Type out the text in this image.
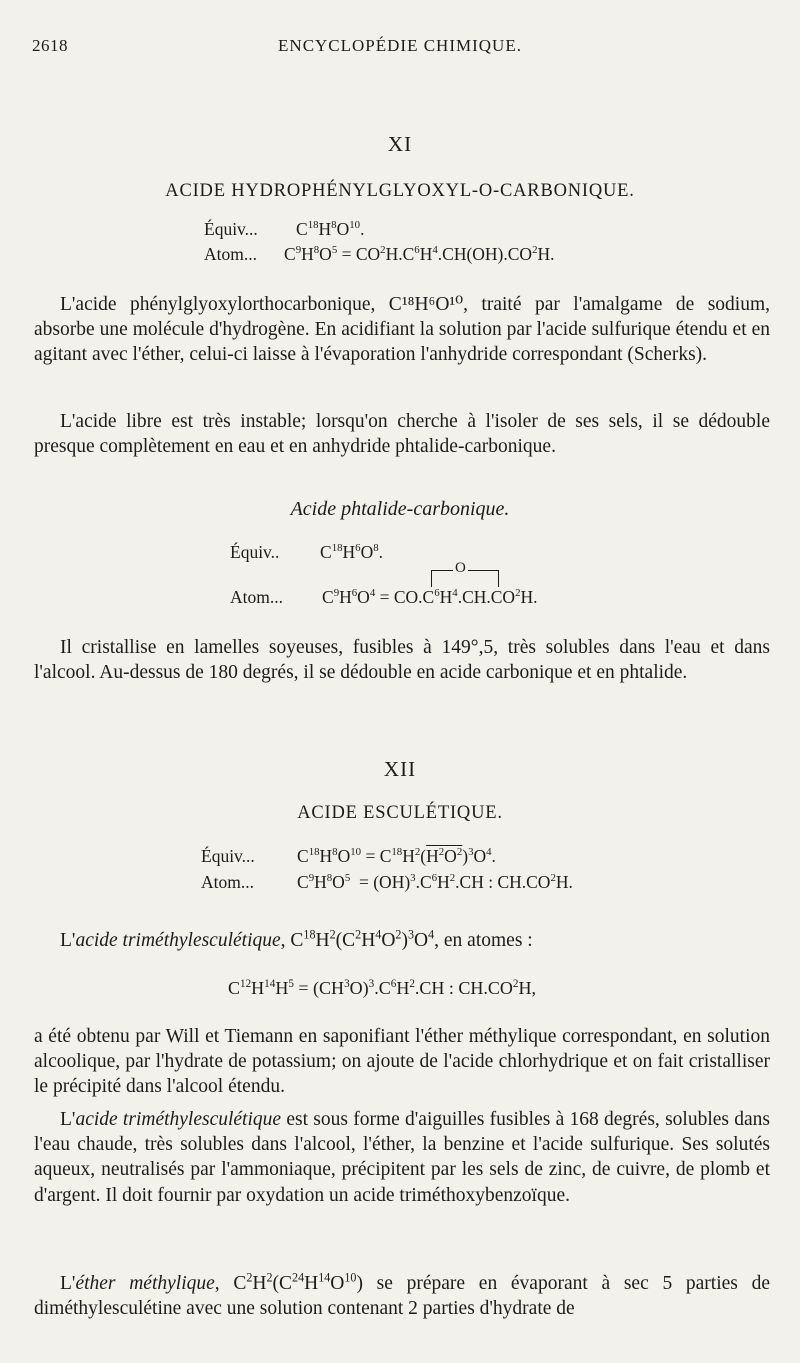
2618	ENCYCLOPÉDIE CHIMIQUE.
XI
ACIDE HYDROPHÉNYLGLYOXYL-O-CARBONIQUE.
Équiv... $C^{18}H^8O^{10}$.
Atom... $C^9H^8O^5 = CO^2H.C^6H^4.CH(OH).CO^2H$.
L'acide phénylglyoxylorthocarbonique, C¹⁸H⁶O¹⁰, traité par l'amalgame de sodium, absorbe une molécule d'hydrogène. En acidifiant la solution par l'acide sulfurique étendu et en agitant avec l'éther, celui-ci laisse à l'évaporation l'anhydride correspondant (Scherks).
L'acide libre est très instable; lorsqu'on cherche à l'isoler de ses sels, il se dédouble presque complètement en eau et en anhydride phtalide-carbonique.
Acide phtalide-carbonique.
Équiv.. $C^{18}H^6O^8$.
O
Atom... $C^9H^6O^4 = CO.C^6H^4.CH.CO^2H$.
Il cristallise en lamelles soyeuses, fusibles à 149°,5, très solubles dans l'eau et dans l'alcool. Au-dessus de 180 degrés, il se dédouble en acide carbonique et en phtalide.
XII
ACIDE ESCULÉTIQUE.
Équiv... $C^{18}H^8O^{10} = C^{18}H^2(H^2O^2)^3O^4$.
Atom... $C^9H^8O^5 = (OH)^3.C^6H^2.CH$ : $CH.CO^2H$.
L'acide triméthylesculétique, $C^{18}H^2(C^2H^4O^2)^3O^4$, en atomes :
$C^{12}H^{14}H^5 = (CH^3O)^3.C^6H^2.CH$ : $CH.CO^2H$,
a été obtenu par Will et Tiemann en saponifiant l'éther méthylique correspondant, en solution alcoolique, par l'hydrate de potassium; on ajoute de l'acide chlorhydrique et on fait cristalliser le précipité dans l'alcool étendu.
L'acide triméthylesculétique est sous forme d'aiguilles fusibles à 168 degrés, solubles dans l'eau chaude, très solubles dans l'alcool, l'éther, la benzine et l'acide sulfurique. Ses solutés aqueux, neutralisés par l'ammoniaque, précipitent par les sels de zinc, de cuivre, de plomb et d'argent. Il doit fournir par oxydation un acide triméthoxybenzoïque.
L'éther méthylique, $C^2H^2(C^{24}H^{14}O^{10})$ se prépare en évaporant à sec 5 parties de diméthylesculétine avec une solution contenant 2 parties d'hydrate de
